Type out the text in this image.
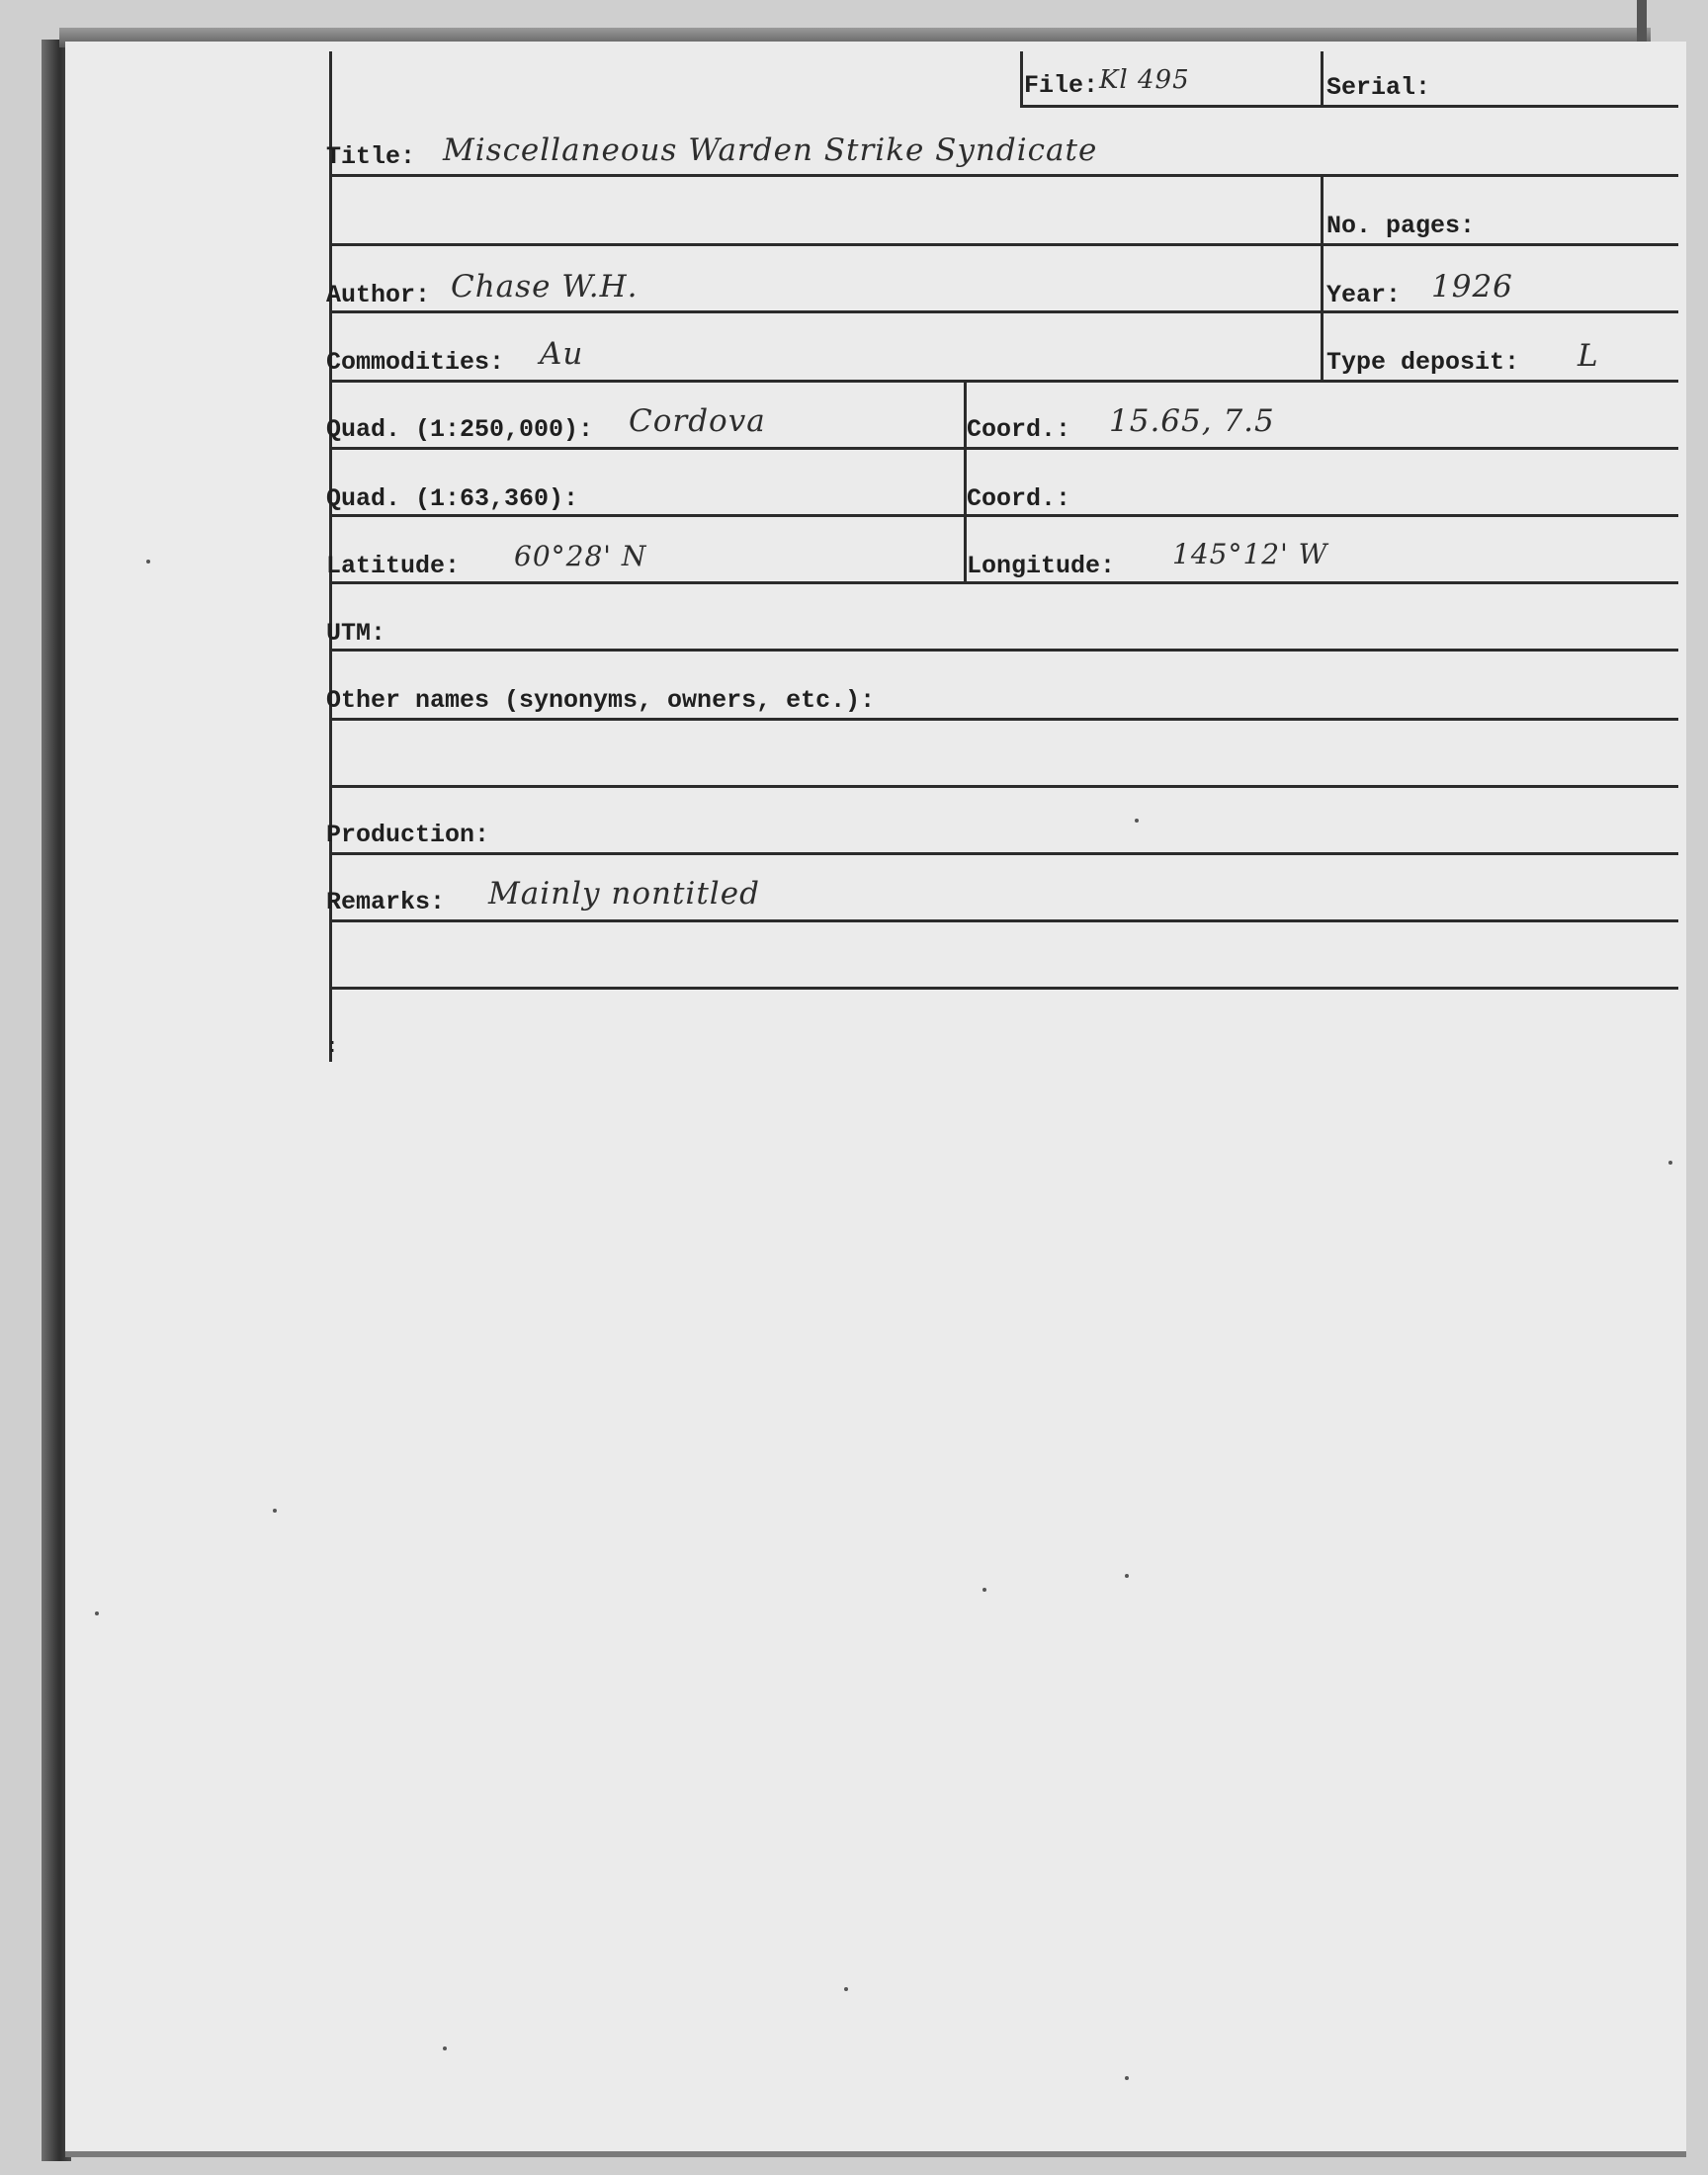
File: Kl 495	Serial:
Title: Miscellaneous Warden Strike Syndicate
No. pages:
Author: Chase W.H.	Year: 1926
Commodities: Au	Type deposit: L
Quad. (1:250,000): Cordova	Coord.: 15.65, 7.5
Quad. (1:63,360):	Coord.:
Latitude: 60°28' N	Longitude: 145°12' W
UTM:
Other names (synonyms, owners, etc.):
Production:
Remarks: Mainly nontitled
:
